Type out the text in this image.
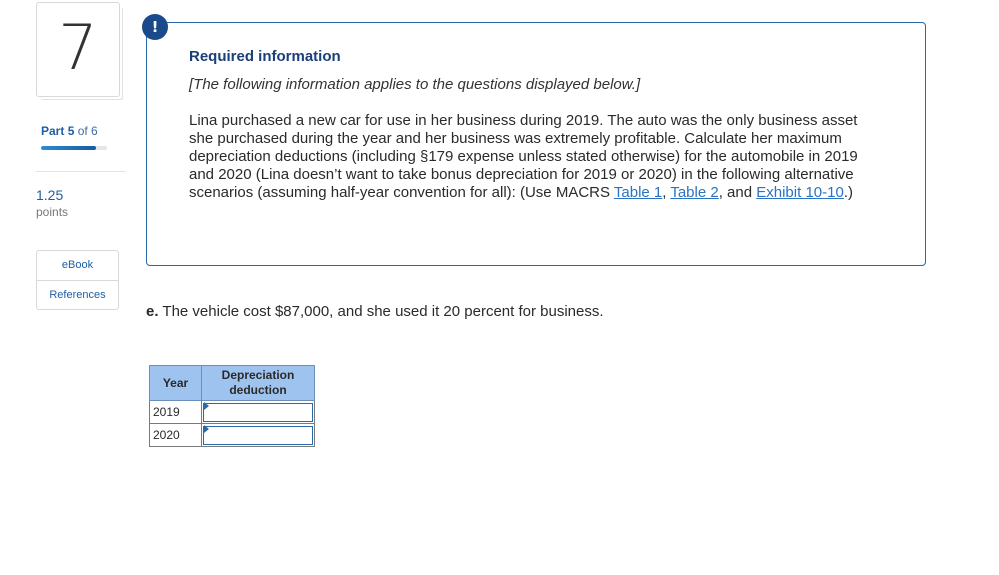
7
Part 5 of 6
1.25
points
eBook
References
!
Required information
[The following information applies to the questions displayed below.]
Lina purchased a new car for use in her business during 2019. The auto was the only business asset she purchased during the year and her business was extremely profitable. Calculate her maximum depreciation deductions (including §179 expense unless stated otherwise) for the automobile in 2019 and 2020 (Lina doesn’t want to take bonus depreciation for 2019 or 2020) in the following alternative scenarios (assuming half-year convention for all): (Use MACRS Table 1, Table 2, and Exhibit 10-10.)
e. The vehicle cost $87,000, and she used it 20 percent for business.
Year	Depreciation deduction
2019	

2020	
